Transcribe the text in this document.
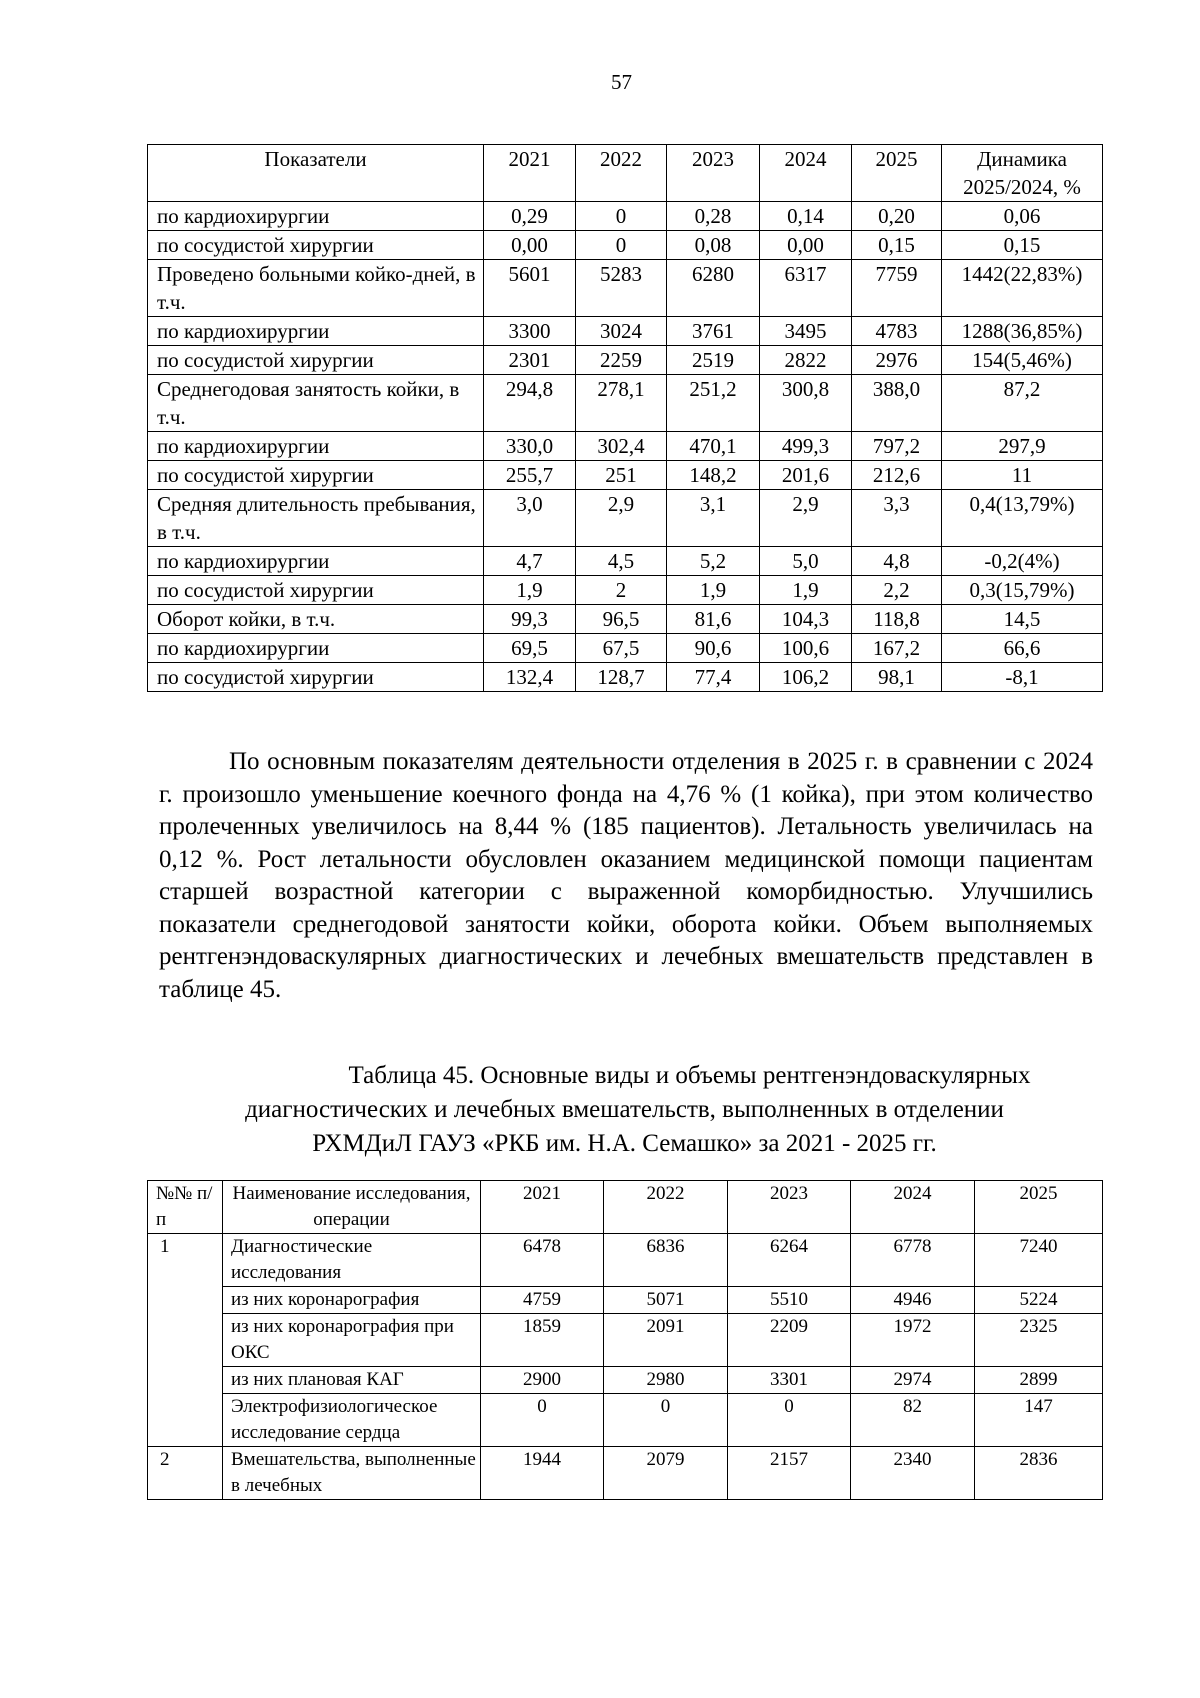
57
Показатели	2021	2022	2023	2024	2025	Динамика 2025/2024, %
по кардиохирургии	0,29	0	0,28	0,14	0,20	0,06
по сосудистой хирургии	0,00	0	0,08	0,00	0,15	0,15
Проведено больными койко-дней, в т.ч.	5601	5283	6280	6317	7759	1442(22,83%)
по кардиохирургии	3300	3024	3761	3495	4783	1288(36,85%)
по сосудистой хирургии	2301	2259	2519	2822	2976	154(5,46%)
Среднегодовая занятость койки, в т.ч.	294,8	278,1	251,2	300,8	388,0	87,2
по кардиохирургии	330,0	302,4	470,1	499,3	797,2	297,9
по сосудистой хирургии	255,7	251	148,2	201,6	212,6	11
Средняя длительность пребывания, в т.ч.	3,0	2,9	3,1	2,9	3,3	0,4(13,79%)
по кардиохирургии	4,7	4,5	5,2	5,0	4,8	-0,2(4%)
по сосудистой хирургии	1,9	2	1,9	1,9	2,2	0,3(15,79%)
Оборот койки, в т.ч.	99,3	96,5	81,6	104,3	118,8	14,5
по кардиохирургии	69,5	67,5	90,6	100,6	167,2	66,6
по сосудистой хирургии	132,4	128,7	77,4	106,2	98,1	-8,1
По основным показателям деятельности отделения в 2025 г. в сравнении с 2024 г. произошло уменьшение коечного фонда на 4,76 % (1 койка), при этом количество пролеченных увеличилось на 8,44 % (185 пациентов). Летальность увеличилась на 0,12 %. Рост летальности обусловлен оказанием медицинской помощи пациентам старшей возрастной категории с выраженной коморбидностью. Улучшились показатели среднегодовой занятости койки, оборота койки. Объем выполняемых рентгенэндоваскулярных диагностических и лечебных вмешательств представлен в таблице 45.
Таблица 45. Основные виды и объемы рентгенэндоваскулярных
диагностических и лечебных вмешательств, выполненных в отделении
РХМДиЛ ГАУЗ «РКБ им. Н.А. Семашко» за 2021 - 2025 гг.
№№ п/п	Наименование исследования, операции	2021	2022	2023	2024	2025
1	Диагностические исследования	6478	6836	6264	6778	7240
	из них коронарография	4759	5071	5510	4946	5224
	из них коронарография при ОКС	1859	2091	2209	1972	2325
	из них плановая КАГ	2900	2980	3301	2974	2899
	Электрофизиологическое исследование сердца	0	0	0	82	147
2	Вмешательства, выполненные в лечебных	1944	2079	2157	2340	2836
